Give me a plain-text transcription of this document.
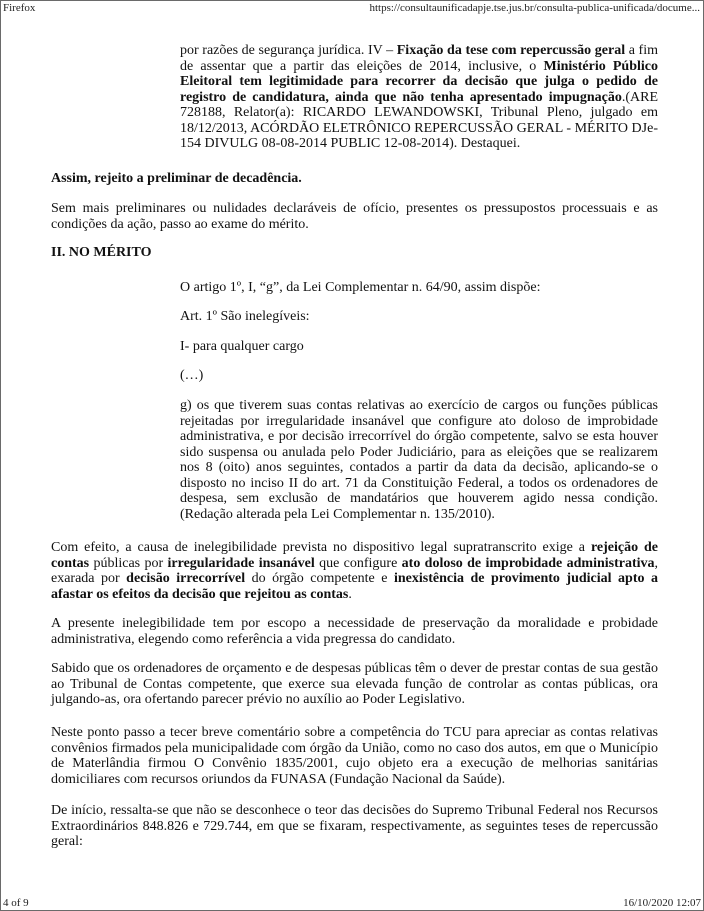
Firefox	https://consultaunificadapje.tse.jus.br/consulta-publica-unificada/docume...

por razões de segurança jurídica. IV – Fixação da tese com repercussão geral a fim de assentar que a partir das eleições de 2014, inclusive, o Ministério Público Eleitoral tem legitimidade para recorrer da decisão que julga o pedido de registro de candidatura, ainda que não tenha apresentado impugnação.(ARE 728188, Relator(a): RICARDO LEWANDOWSKI, Tribunal Pleno, julgado em 18/12/2013, ACÓRDÃO ELETRÔNICO REPERCUSSÃO GERAL - MÉRITO DJe-154 DIVULG 08-08-2014 PUBLIC 12-08-2014). Destaquei.

Assim, rejeito a preliminar de decadência.

Sem mais preliminares ou nulidades declaráveis de ofício, presentes os pressupostos processuais e as condições da ação, passo ao exame do mérito.

II. NO MÉRITO

O artigo 1º, I, “g”, da Lei Complementar n. 64/90, assim dispõe:

Art. 1º São inelegíveis:

I- para qualquer cargo

(…)

g) os que tiverem suas contas relativas ao exercício de cargos ou funções públicas rejeitadas por irregularidade insanável que configure ato doloso de improbidade administrativa, e por decisão irrecorrível do órgão competente, salvo se esta houver sido suspensa ou anulada pelo Poder Judiciário, para as eleições que se realizarem nos 8 (oito) anos seguintes, contados a partir da data da decisão, aplicando-se o disposto no inciso II do art. 71 da Constituição Federal, a todos os ordenadores de despesa, sem exclusão de mandatários que houverem agido nessa condição. (Redação alterada pela Lei Complementar n. 135/2010).

Com efeito, a causa de inelegibilidade prevista no dispositivo legal supratranscrito exige a rejeição de contas públicas por irregularidade insanável que configure ato doloso de improbidade administrativa, exarada por decisão irrecorrível do órgão competente e inexistência de provimento judicial apto a afastar os efeitos da decisão que rejeitou as contas.

A presente inelegibilidade tem por escopo a necessidade de preservação da moralidade e probidade administrativa, elegendo como referência a vida pregressa do candidato.

Sabido que os ordenadores de orçamento e de despesas públicas têm o dever de prestar contas de sua gestão ao Tribunal de Contas competente, que exerce sua elevada função de controlar as contas públicas, ora julgando-as, ora ofertando parecer prévio no auxílio ao Poder Legislativo.

Neste ponto passo a tecer breve comentário sobre a competência do TCU para apreciar as contas relativas convênios firmados pela municipalidade com órgão da União, como no caso dos autos, em que o Município de Materlândia firmou O Convênio 1835/2001, cujo objeto era a execução de melhorias sanitárias domiciliares com recursos oriundos da FUNASA (Fundação Nacional da Saúde).

De início, ressalta-se que não se desconhece o teor das decisões do Supremo Tribunal Federal nos Recursos Extraordinários 848.826 e 729.744, em que se fixaram, respectivamente, as seguintes teses de repercussão geral:

4 of 9	16/10/2020 12:07
